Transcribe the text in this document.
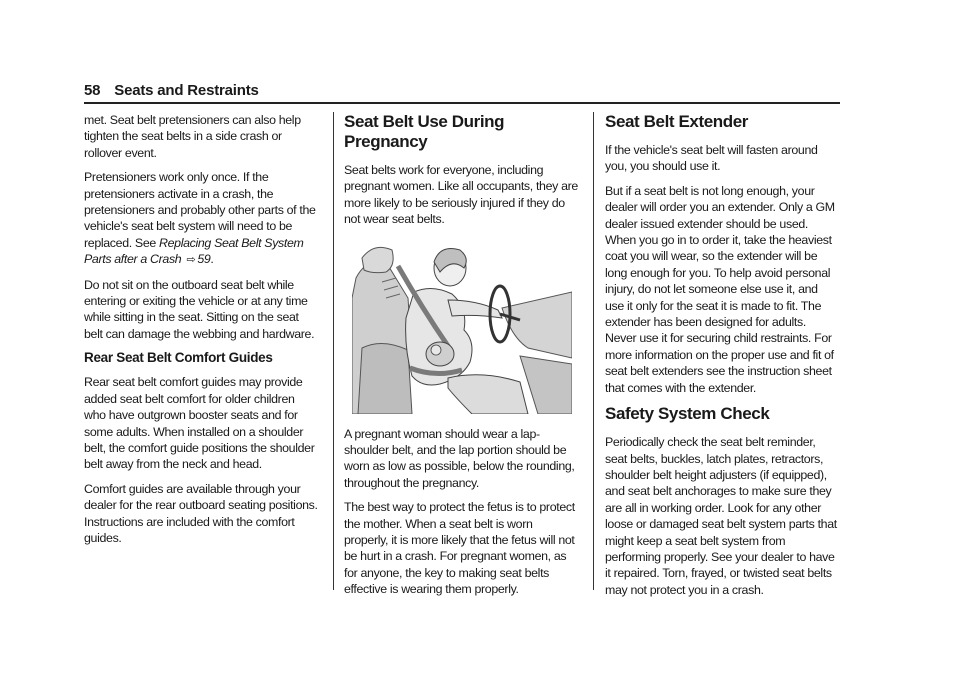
58 Seats and Restraints

met. Seat belt pretensioners can also help tighten the seat belts in a side crash or rollover event.

Pretensioners work only once. If the pretensioners activate in a crash, the pretensioners and probably other parts of the vehicle's seat belt system will need to be replaced. See Replacing Seat Belt System Parts after a Crash ⇨ 59.

Do not sit on the outboard seat belt while entering or exiting the vehicle or at any time while sitting in the seat. Sitting on the seat belt can damage the webbing and hardware.

Rear Seat Belt Comfort Guides

Rear seat belt comfort guides may provide added seat belt comfort for older children who have outgrown booster seats and for some adults. When installed on a shoulder belt, the comfort guide positions the shoulder belt away from the neck and head.

Comfort guides are available through your dealer for the rear outboard seating positions. Instructions are included with the comfort guides.

Seat Belt Use During Pregnancy

Seat belts work for everyone, including pregnant women. Like all occupants, they are more likely to be seriously injured if they do not wear seat belts.

A pregnant woman should wear a lap-shoulder belt, and the lap portion should be worn as low as possible, below the rounding, throughout the pregnancy.

The best way to protect the fetus is to protect the mother. When a seat belt is worn properly, it is more likely that the fetus will not be hurt in a crash. For pregnant women, as for anyone, the key to making seat belts effective is wearing them properly.

Seat Belt Extender

If the vehicle's seat belt will fasten around you, you should use it.

But if a seat belt is not long enough, your dealer will order you an extender. Only a GM dealer issued extender should be used. When you go in to order it, take the heaviest coat you will wear, so the extender will be long enough for you. To help avoid personal injury, do not let someone else use it, and use it only for the seat it is made to fit. The extender has been designed for adults. Never use it for securing child restraints. For more information on the proper use and fit of seat belt extenders see the instruction sheet that comes with the extender.

Safety System Check

Periodically check the seat belt reminder, seat belts, buckles, latch plates, retractors, shoulder belt height adjusters (if equipped), and seat belt anchorages to make sure they are all in working order. Look for any other loose or damaged seat belt system parts that might keep a seat belt system from performing properly. See your dealer to have it repaired. Torn, frayed, or twisted seat belts may not protect you in a crash.
